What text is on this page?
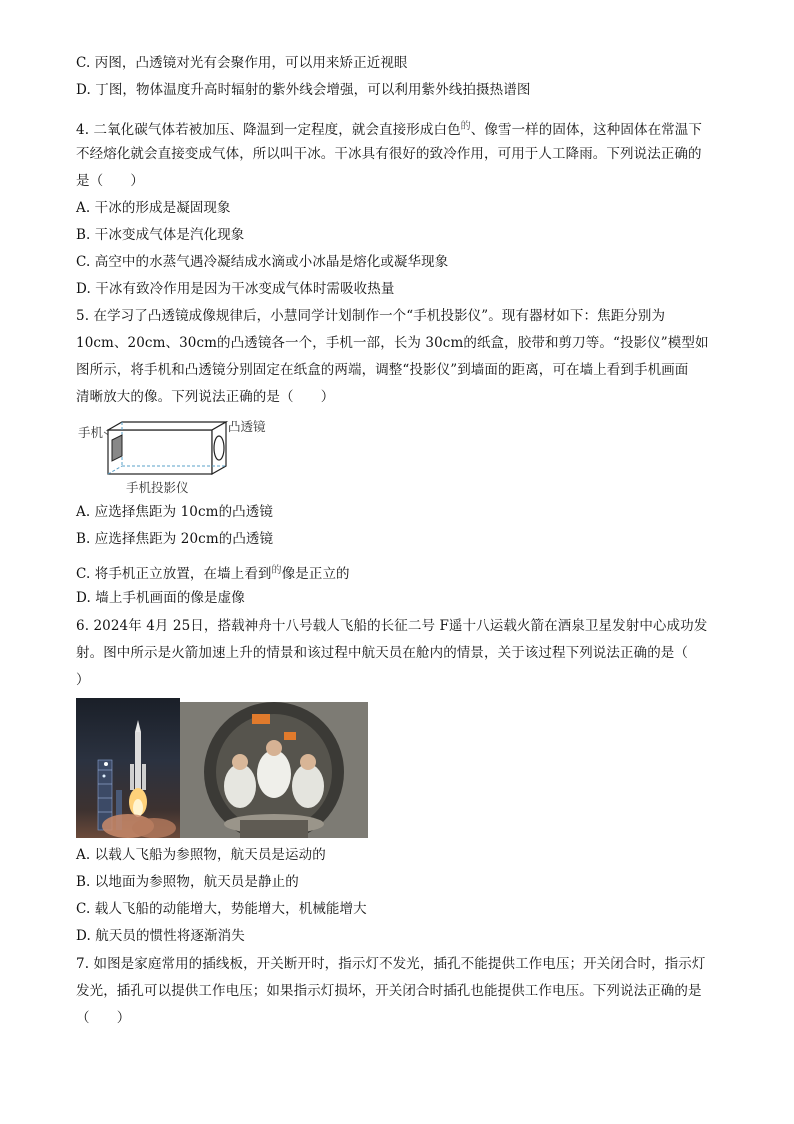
C. 丙图，凸透镜对光有会聚作用，可以用来矫正近视眼
D. 丁图，物体温度升高时辐射的紫外线会增强，可以利用紫外线拍摄热谱图
4. 二氧化碳气体若被加压、降温到一定程度，就会直接形成白色$^的$、像雪一样的固体，这种固体在常温下
不经熔化就会直接变成气体，所以叫干冰。干冰具有很好的致冷作用，可用于人工降雨。下列说法正确的
是（　　）
A. 干冰的形成是凝固现象
B. 干冰变成气体是汽化现象
C. 高空中的水蒸气遇冷凝结成水滴或小冰晶是熔化或凝华现象
D. 干冰有致冷作用是因为干冰变成气体时需吸收热量
5. 在学习了凸透镜成像规律后，小慧同学计划制作一个“手机投影仪”。现有器材如下：焦距分别为
10cm、20cm、30cm的凸透镜各一个，手机一部，长为 30cm的纸盒，胶带和剪刀等。“投影仪”模型如
图所示，将手机和凸透镜分别固定在纸盒的两端，调整“投影仪”到墙面的距离，可在墙上看到手机画面
清晰放大的像。下列说法正确的是（　　）
手机	凸透镜
手机投影仪
A. 应选择焦距为 10cm的凸透镜
B. 应选择焦距为 20cm的凸透镜
C. 将手机正立放置，在墙上看到$^的$像是正立的
D. 墙上手机画面的像是虚像
6. 2024年 4月 25日，搭载神舟十八号载人飞船的长征二号 F遥十八运载火箭在酒泉卫星发射中心成功发
射。图中所示是火箭加速上升的情景和该过程中航天员在舱内的情景，关于该过程下列说法正确的是（
）
A. 以载人飞船为参照物，航天员是运动的
B. 以地面为参照物，航天员是静止的
C. 载人飞船的动能增大，势能增大，机械能增大
D. 航天员的惯性将逐渐消失
7. 如图是家庭常用的插线板，开关断开时，指示灯不发光，插孔不能提供工作电压；开关闭合时，指示灯
发光，插孔可以提供工作电压；如果指示灯损坏，开关闭合时插孔也能提供工作电压。下列说法正确的是
（　　）
